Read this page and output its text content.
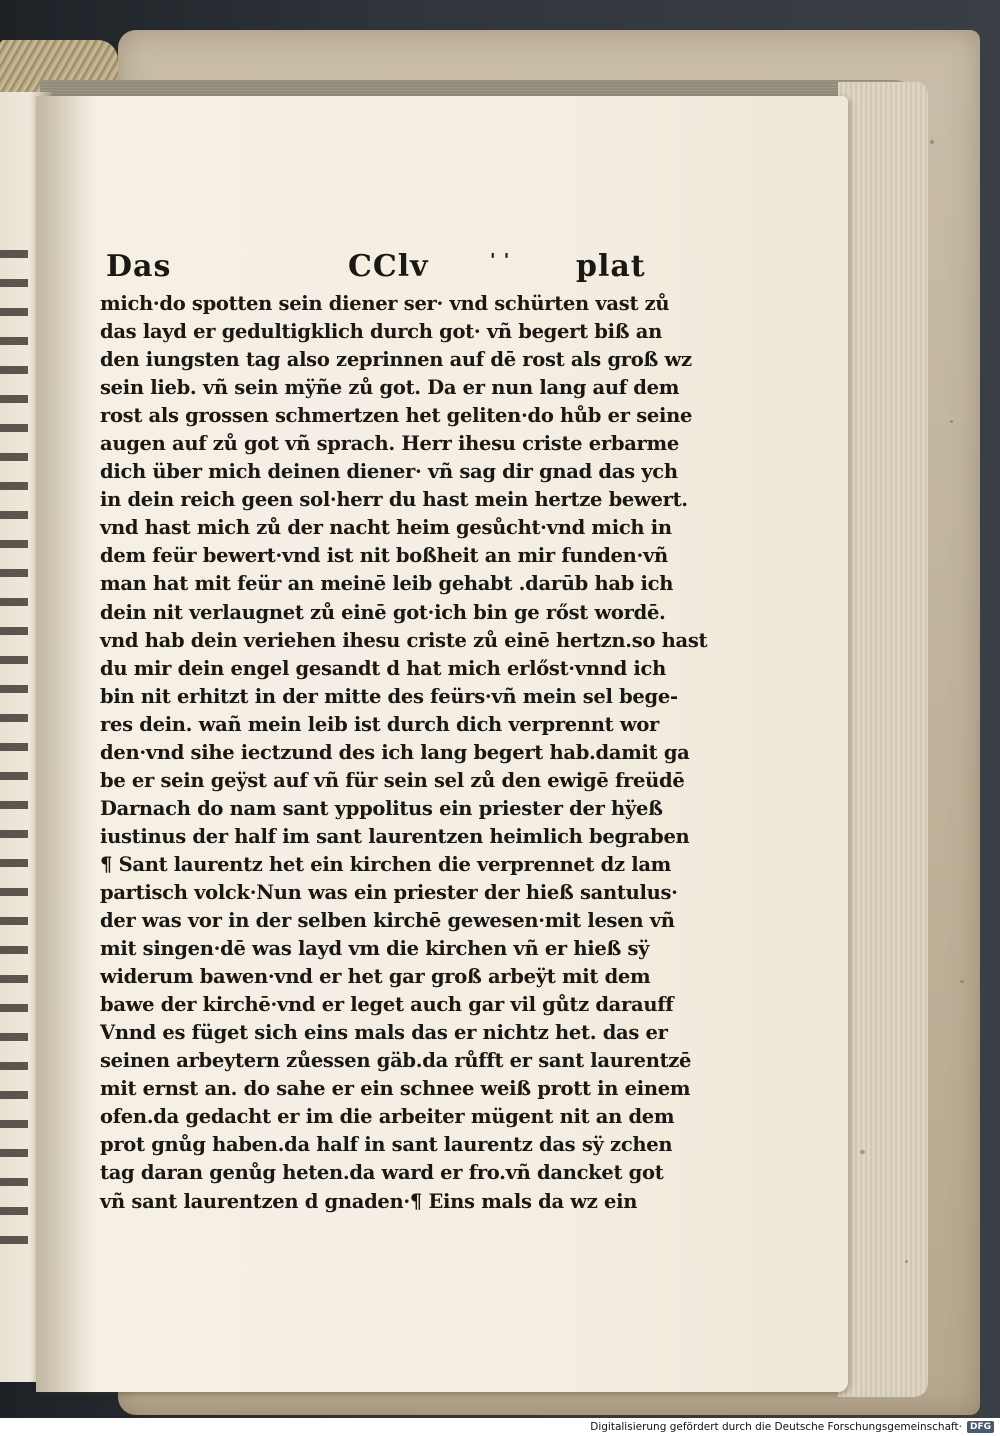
Das	CClv	' ' plat
mich·do spotten sein diener ser· vnd schürten vast zů
das layd er gedultigklich durch got· vñ begert biß an
den iungsten tag also zeprinnen auf dē rost als groß wz
sein lieb. vñ sein mÿñe zů got. Da er nun lang auf dem
rost als grossen schmertzen het geliten·do hůb er seine
augen auf zů got vñ sprach. Herr ihesu criste erbarme
dich über mich deinen diener· vñ sag dir gnad das ych
in dein reich geen sol·herr du hast mein hertze bewert.
vnd hast mich zů der nacht heim gesůcht·vnd mich in
dem feür bewert·vnd ist nit boßheit an mir funden·vñ
man hat mit feür an meinē leib gehabt .darūb hab ich
dein nit verlaugnet zů einē got·ich bin ge rőst wordē.
vnd hab dein veriehen ihesu criste zů einē hertzn.so hast
du mir dein engel gesandt d hat mich erlőst·vnnd ich
bin nit erhitzt in der mitte des feürs·vñ mein sel bege-
res dein. wañ mein leib ist durch dich verprennt wor
den·vnd sihe iectzund des ich lang begert hab.damit ga
be er sein geÿst auf vñ für sein sel zů den ewigē freüdē
Darnach do nam sant yppolitus ein priester der hÿeß
iustinus der half im sant laurentzen heimlich begraben
¶ Sant laurentz het ein kirchen die verprennet dz lam
partisch volck·Nun was ein priester der hieß santulus·
der was vor in der selben kirchē gewesen·mit lesen vñ
mit singen·dē was layd vm die kirchen vñ er hieß sÿ
widerum bawen·vnd er het gar groß arbeÿt mit dem
bawe der kirchē·vnd er leget auch gar vil gůtz darauff
Vnnd es füget sich eins mals das er nichtz het. das er
seinen arbeytern zůessen gäb.da růfft er sant laurentzē
mit ernst an. do sahe er ein schnee weiß prott in einem
ofen.da gedacht er im die arbeiter mügent nit an dem
prot gnůg haben.da half in sant laurentz das sÿ zchen
tag daran genůg heten.da ward er fro.vñ dancket got
vñ sant laurentzen d gnaden·¶ Eins mals da wz ein
Digitalisierung gefördert durch die Deutsche Forschungsgemeinschaft· DFG
